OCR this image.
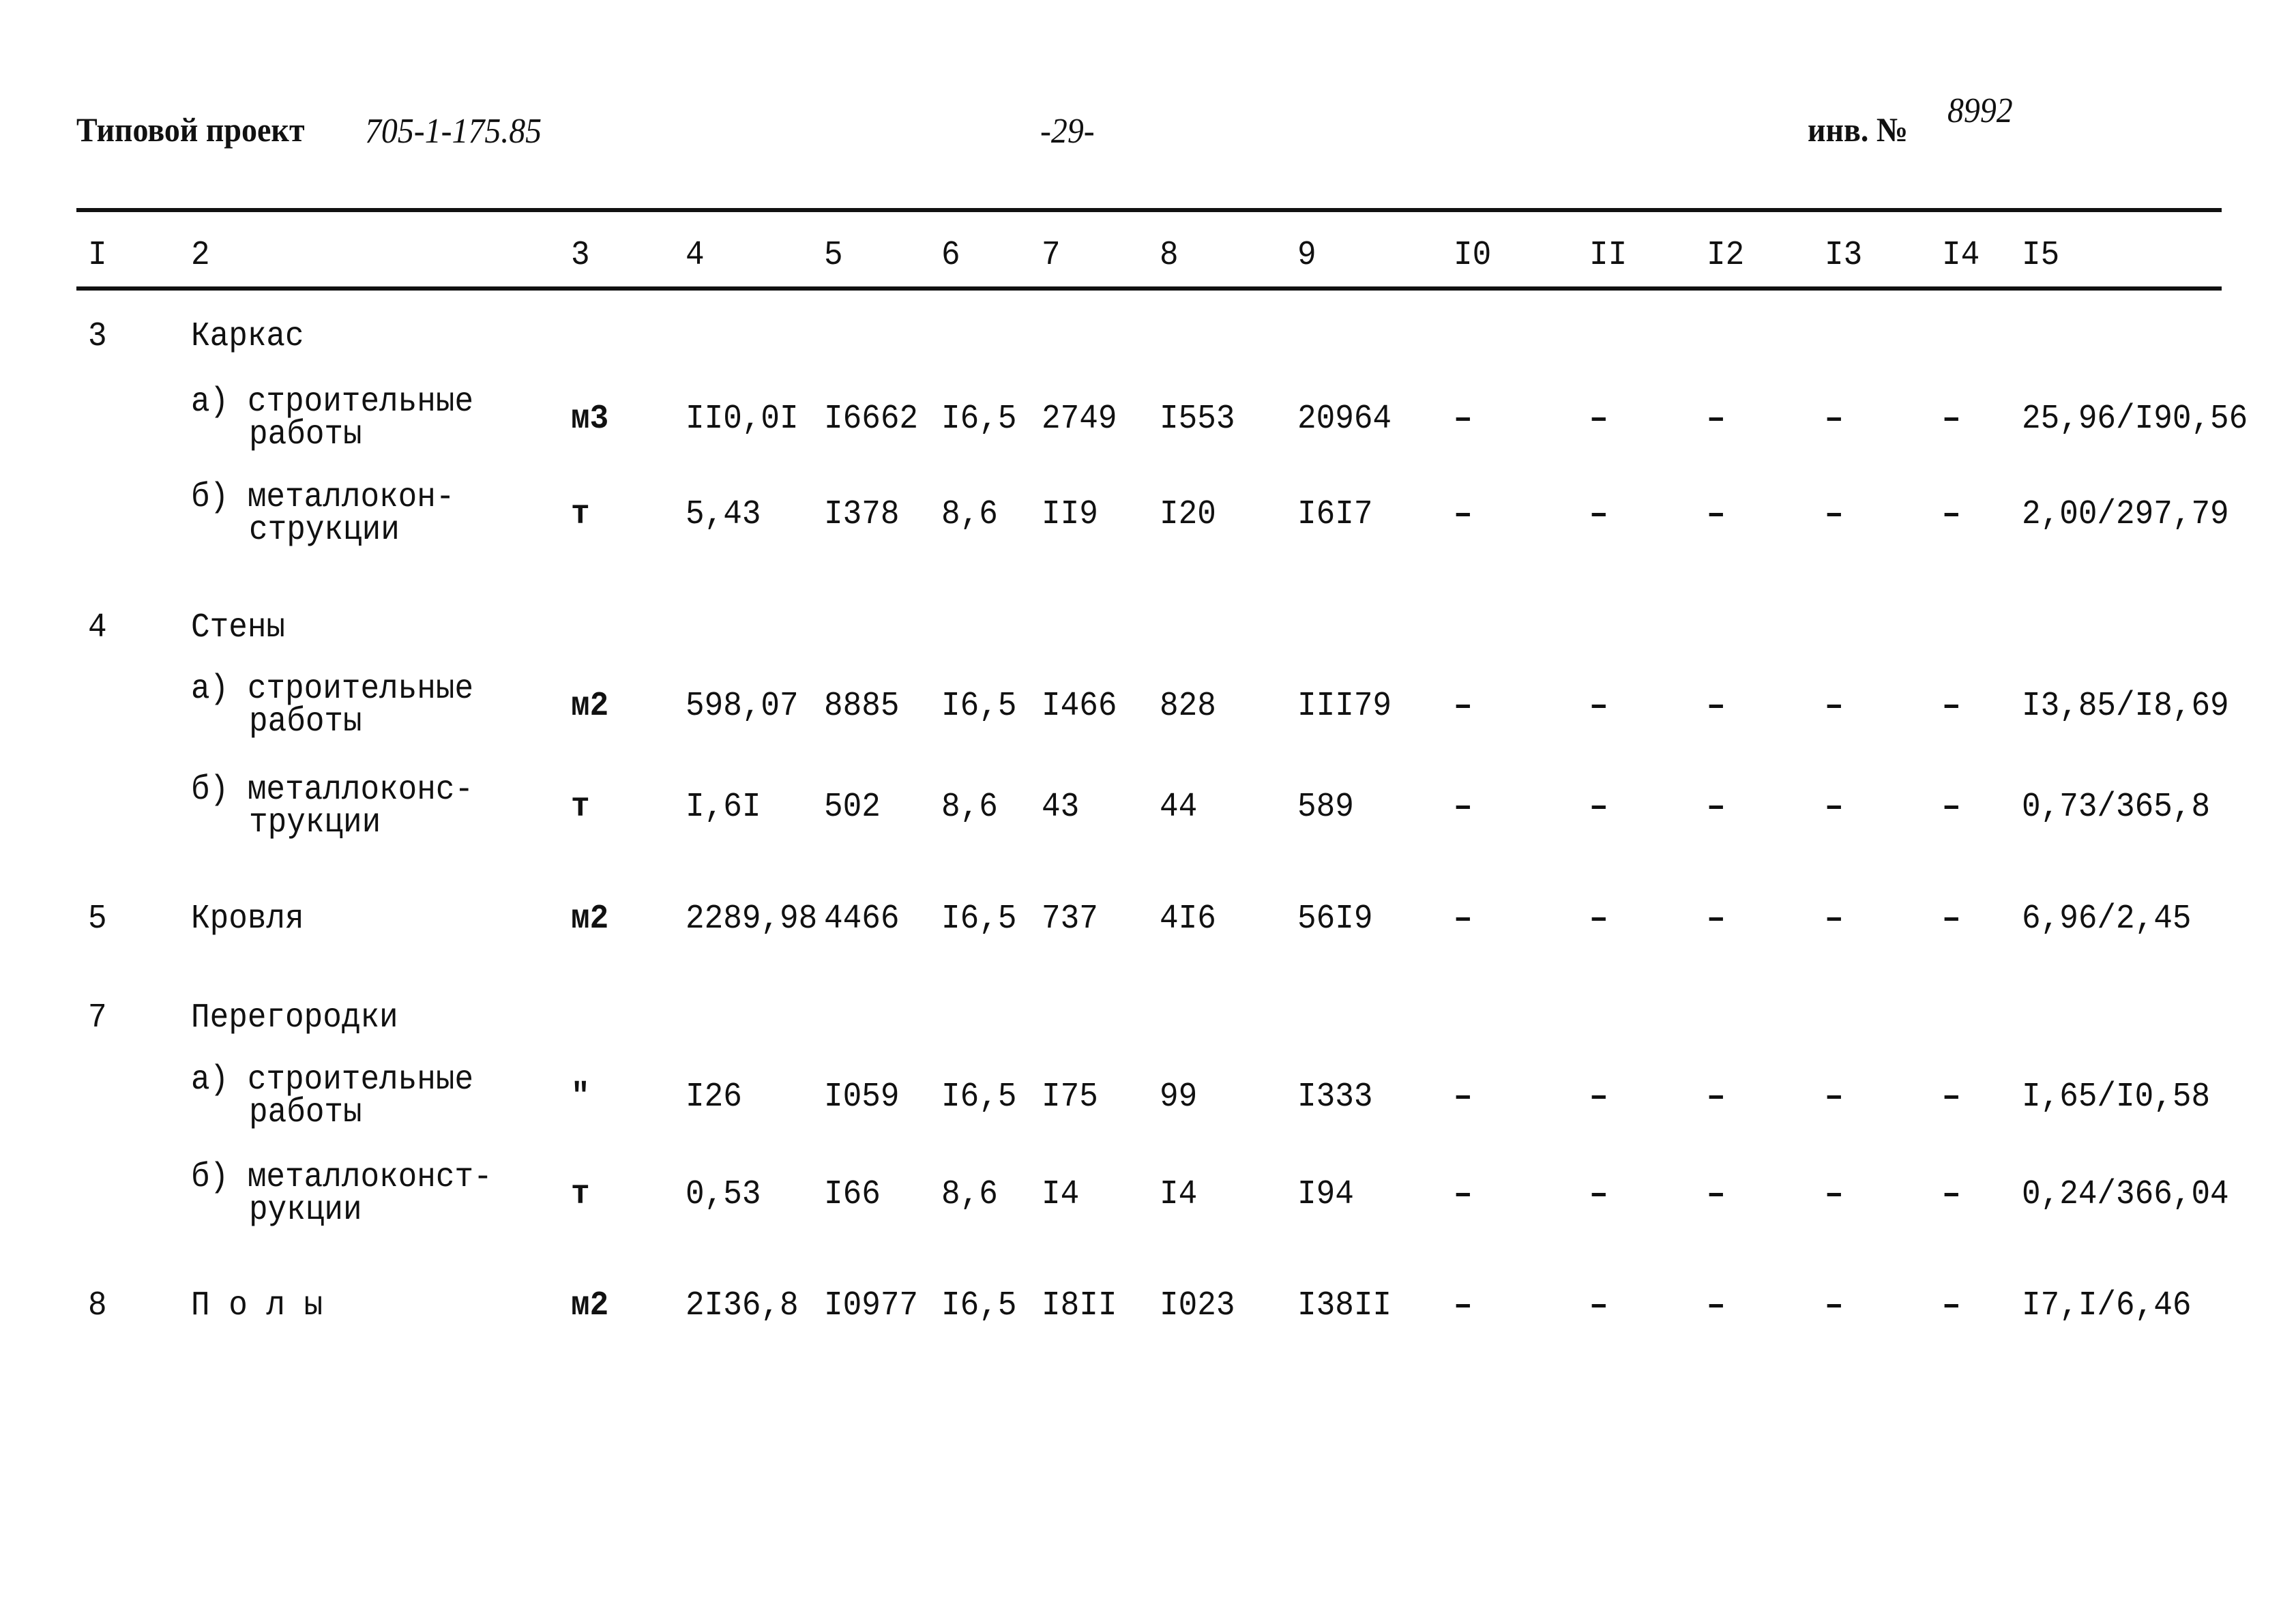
Типовой проект 705-1-175.85	-29-	инв. № 8992
I 2	3	4	5	6 7	8	9	I0	II I2 I3 I4 I5
3 Каркас
а) строительные
работы	м3 II0,0I I6662 I6,5 2749 I553 20964 –	–	–	–	– 25,96/I90,56
б) металлокон-
струкции	т	5,43 I378 8,6 II9 I20 I6I7 –	–	–	–	– 2,00/297,79
4 Стены
а) строительные
работы	м2 598,07 8885 I6,5 I466 828 III79 –	–	–	–	– I3,85/I8,69
б) металлоконс-
трукции	т	I,6I 502 8,6 43 44	589	–	–	–	–	– 0,73/365,8
5 Кровля	м2 2289,98 4466 I6,5 737 4I6 56I9 –	–	–	–	– 6,96/2,45
7 Перегородки
а) строительные
работы	"	I26 I059 I6,5 I75 99	I333 –	–	–	–	– I,65/I0,58
б) металлоконст-
рукции	т	0,53 I66 8,6 I4 I4	I94	–	–	–	–	– 0,24/366,04
8 П о л ы	м2 2I36,8 I0977 I6,5 I8II I023 I38II –	–	–	–	– I7,I/6,46
